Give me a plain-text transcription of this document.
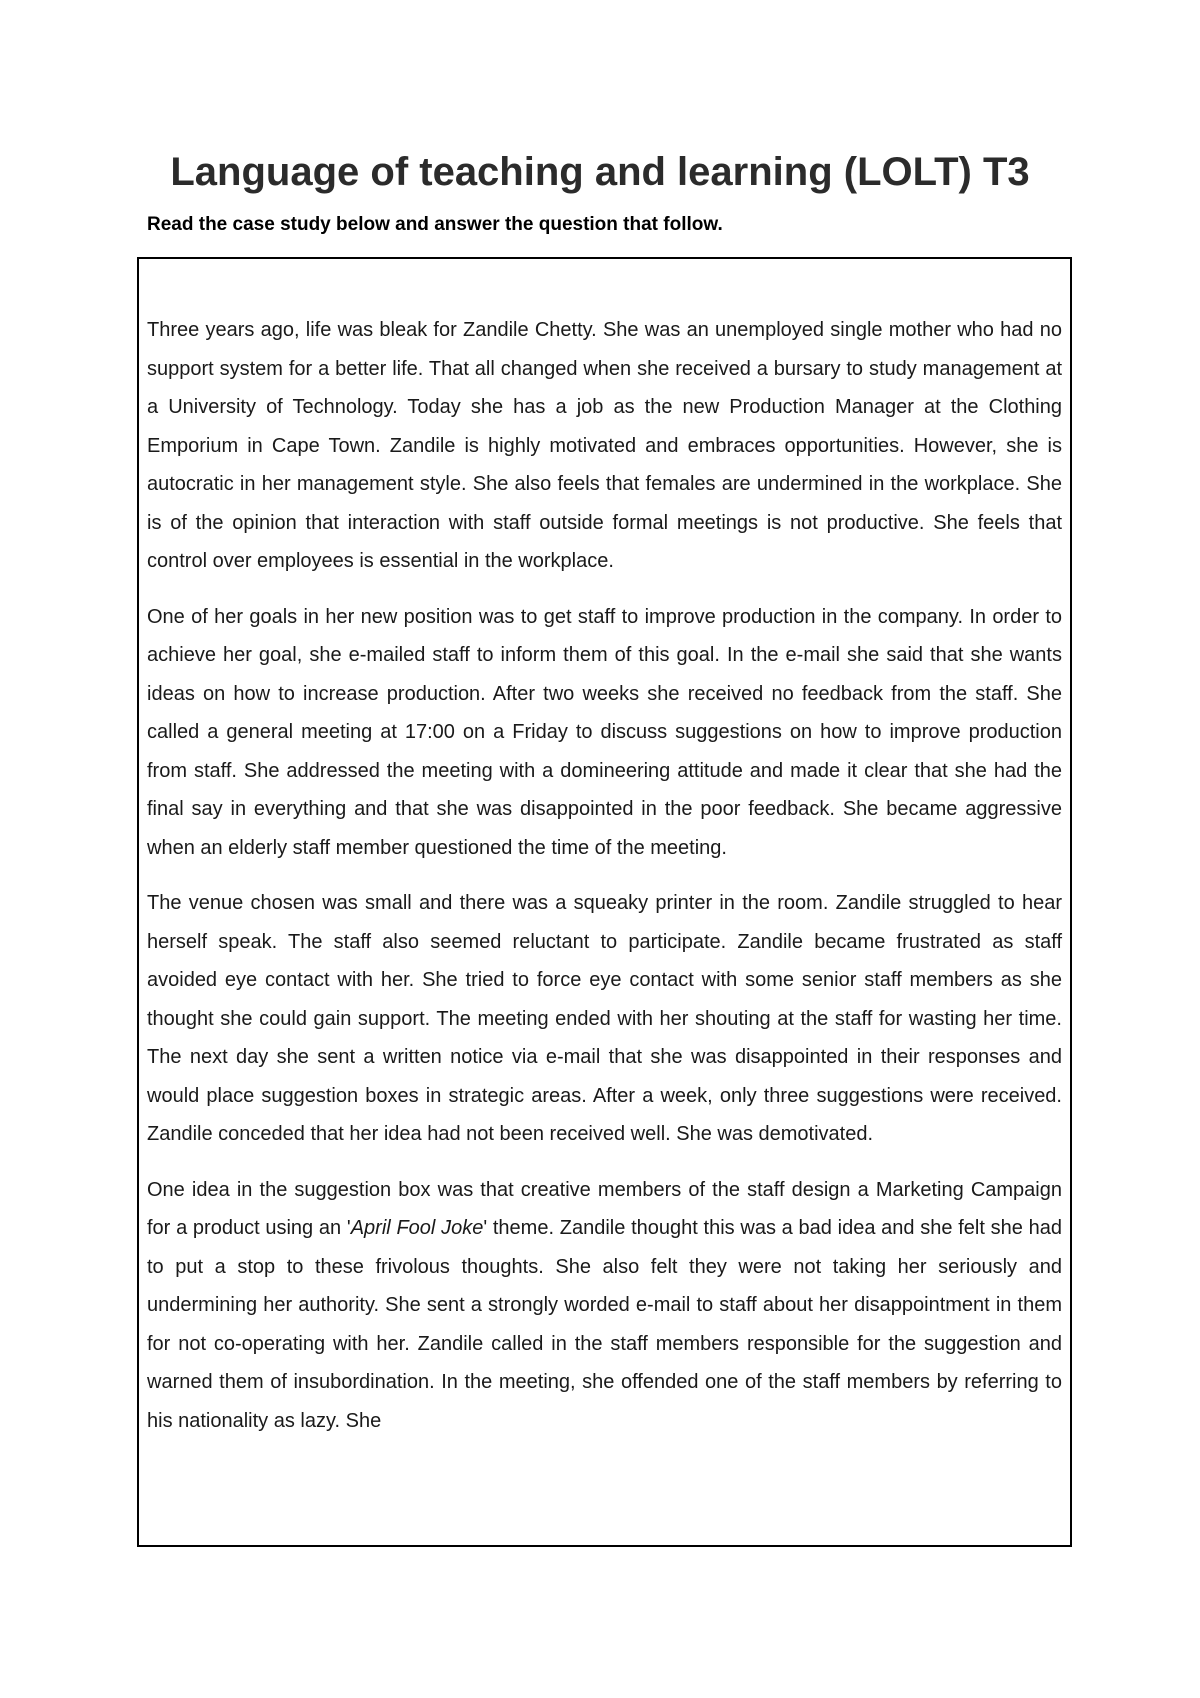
Language of teaching and learning (LOLT) T3

Read the case study below and answer the question that follow.

Three years ago, life was bleak for Zandile Chetty. She was an unemployed single mother who had no support system for a better life. That all changed when she received a bursary to study management at a University of Technology. Today she has a job as the new Production Manager at the Clothing Emporium in Cape Town. Zandile is highly motivated and embraces opportunities. However, she is autocratic in her management style. She also feels that females are undermined in the workplace. She is of the opinion that interaction with staff outside formal meetings is not productive. She feels that control over employees is essential in the workplace.

One of her goals in her new position was to get staff to improve production in the company. In order to achieve her goal, she e-mailed staff to inform them of this goal. In the e-mail she said that she wants ideas on how to increase production. After two weeks she received no feedback from the staff. She called a general meeting at 17:00 on a Friday to discuss suggestions on how to improve production from staff. She addressed the meeting with a domineering attitude and made it clear that she had the final say in everything and that she was disappointed in the poor feedback. She became aggressive when an elderly staff member questioned the time of the meeting.

The venue chosen was small and there was a squeaky printer in the room. Zandile struggled to hear herself speak. The staff also seemed reluctant to participate. Zandile became frustrated as staff avoided eye contact with her. She tried to force eye contact with some senior staff members as she thought she could gain support. The meeting ended with her shouting at the staff for wasting her time. The next day she sent a written notice via e-mail that she was disappointed in their responses and would place suggestion boxes in strategic areas. After a week, only three suggestions were received. Zandile conceded that her idea had not been received well. She was demotivated.

One idea in the suggestion box was that creative members of the staff design a Marketing Campaign for a product using an 'April Fool Joke' theme. Zandile thought this was a bad idea and she felt she had to put a stop to these frivolous thoughts. She also felt they were not taking her seriously and undermining her authority. She sent a strongly worded e-mail to staff about her disappointment in them for not co-operating with her. Zandile called in the staff members responsible for the suggestion and warned them of insubordination. In the meeting, she offended one of the staff members by referring to his nationality as lazy. She
